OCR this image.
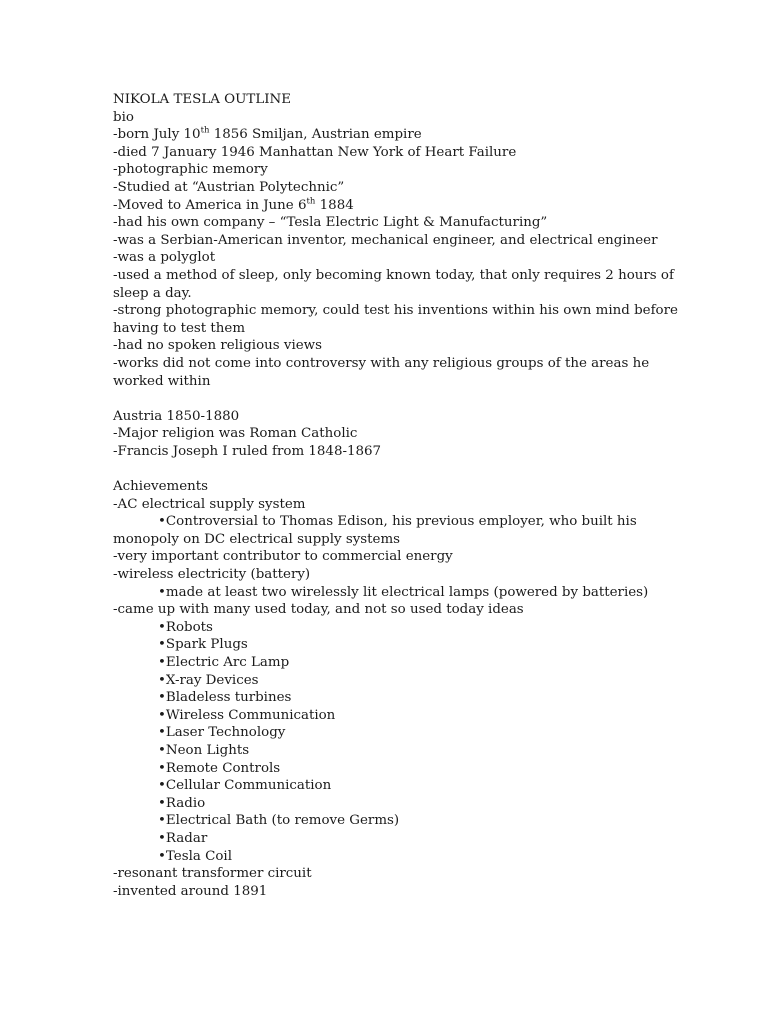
NIKOLA TESLA OUTLINE
bio
-born July 10th 1856 Smiljan, Austrian empire
-died 7 January 1946 Manhattan New York of Heart Failure
-photographic memory
-Studied at “Austrian Polytechnic”
-Moved to America in June 6th 1884
-had his own company – “Tesla Electric Light & Manufacturing”
-was a Serbian-American inventor, mechanical engineer, and electrical engineer
-was a polyglot
-used a method of sleep, only becoming known today, that only requires 2 hours of
sleep a day.
-strong photographic memory, could test his inventions within his own mind before
having to test them
-had no spoken religious views
-works did not come into controversy with any religious groups of the areas he
worked within
Austria 1850-1880
-Major religion was Roman Catholic
-Francis Joseph I ruled from 1848-1867
Achievements
-AC electrical supply system
•Controversial to Thomas Edison, his previous employer, who built his
monopoly on DC electrical supply systems
-very important contributor to commercial energy
-wireless electricity (battery)
•made at least two wirelessly lit electrical lamps (powered by batteries)
-came up with many used today, and not so used today ideas
•Robots
•Spark Plugs
•Electric Arc Lamp
•X-ray Devices
•Bladeless turbines
•Wireless Communication
•Laser Technology
•Neon Lights
•Remote Controls
•Cellular Communication
•Radio
•Electrical Bath (to remove Germs)
•Radar
•Tesla Coil
-resonant transformer circuit
-invented around 1891
